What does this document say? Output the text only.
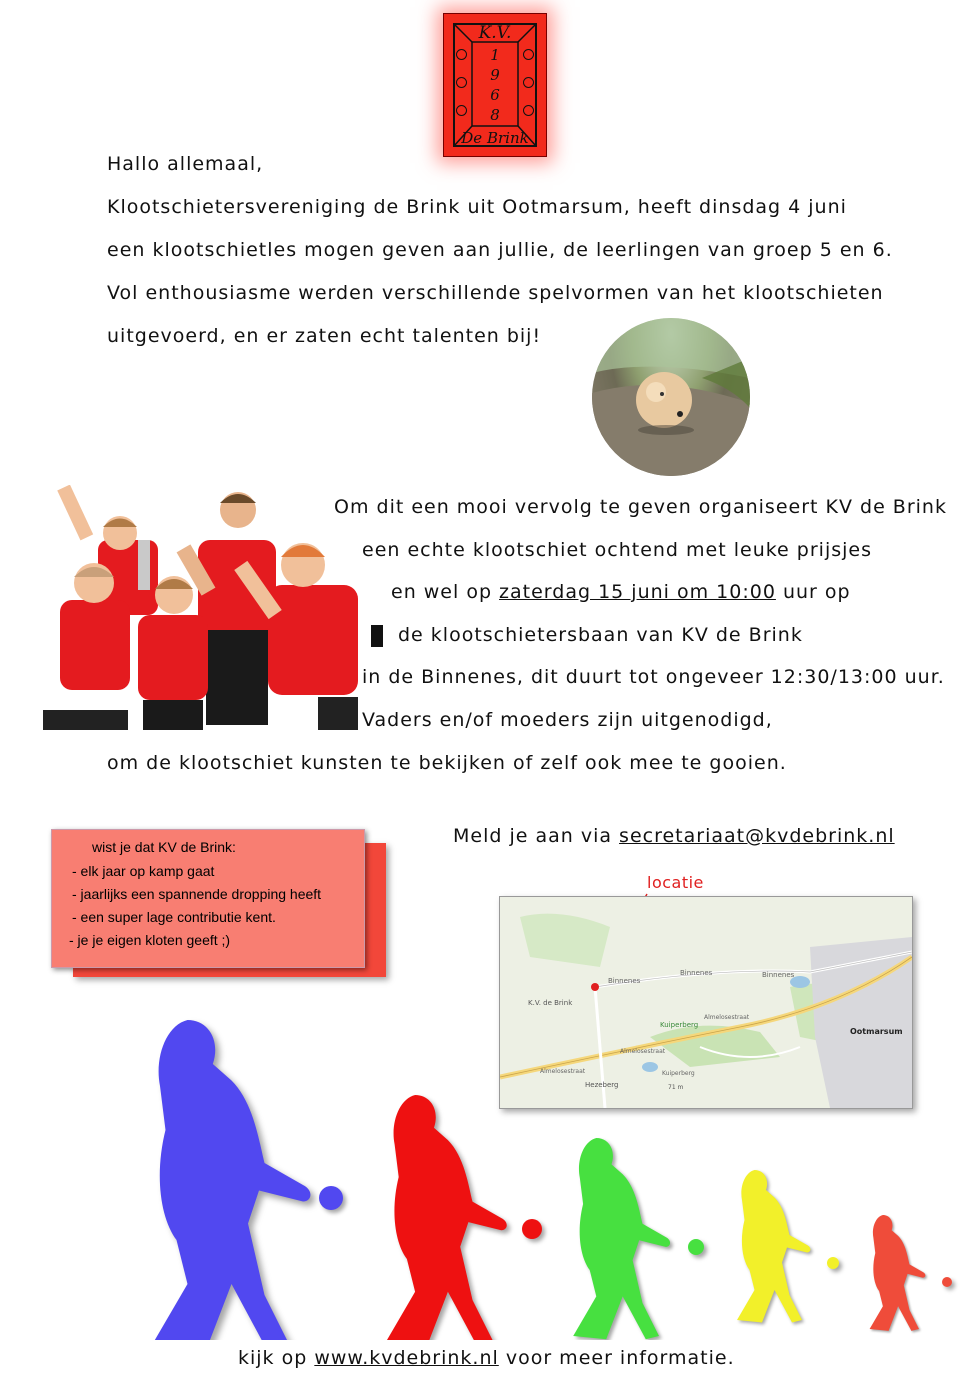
K.V.
1
9
6
8
De Brink
Hallo allemaal,
Klootschietersvereniging de Brink uit Ootmarsum, heeft dinsdag 4 juni
een klootschietles mogen geven aan jullie, de leerlingen van groep 5 en 6.
Vol enthousiasme werden verschillende spelvormen van het klootschieten
uitgevoerd, en er zaten echt talenten bij!
Om dit een mooi vervolg te geven organiseert KV de Brink
een echte klootschiet ochtend met leuke prijsjes
en wel op zaterdag 15 juni om 10:00 uur op
de klootschietersbaan van KV de Brink
in de Binnenes, dit duurt tot ongeveer 12:30/13:00 uur.
Vaders en/of moeders zijn uitgenodigd,
om de klootschiet kunsten te bekijken of zelf ook mee te gooien.
Meld je aan via secretariaat@kvdebrink.nl
wist je dat KV de Brink:
- elk jaar op kamp gaat
- jaarlijks een spannende dropping heeft
- een super lage contributie kent.
- je je eigen kloten geeft ;)
locatie
Binnenes
Binnenes	Binnenes
K.V. de Brink
Kuiperberg
Almelosestraat
Almelosestraat
Almelosestraat	Kuiperberg
Hezeberg	71 m
Ootmarsum
kijk op www.kvdebrink.nl voor meer informatie.
